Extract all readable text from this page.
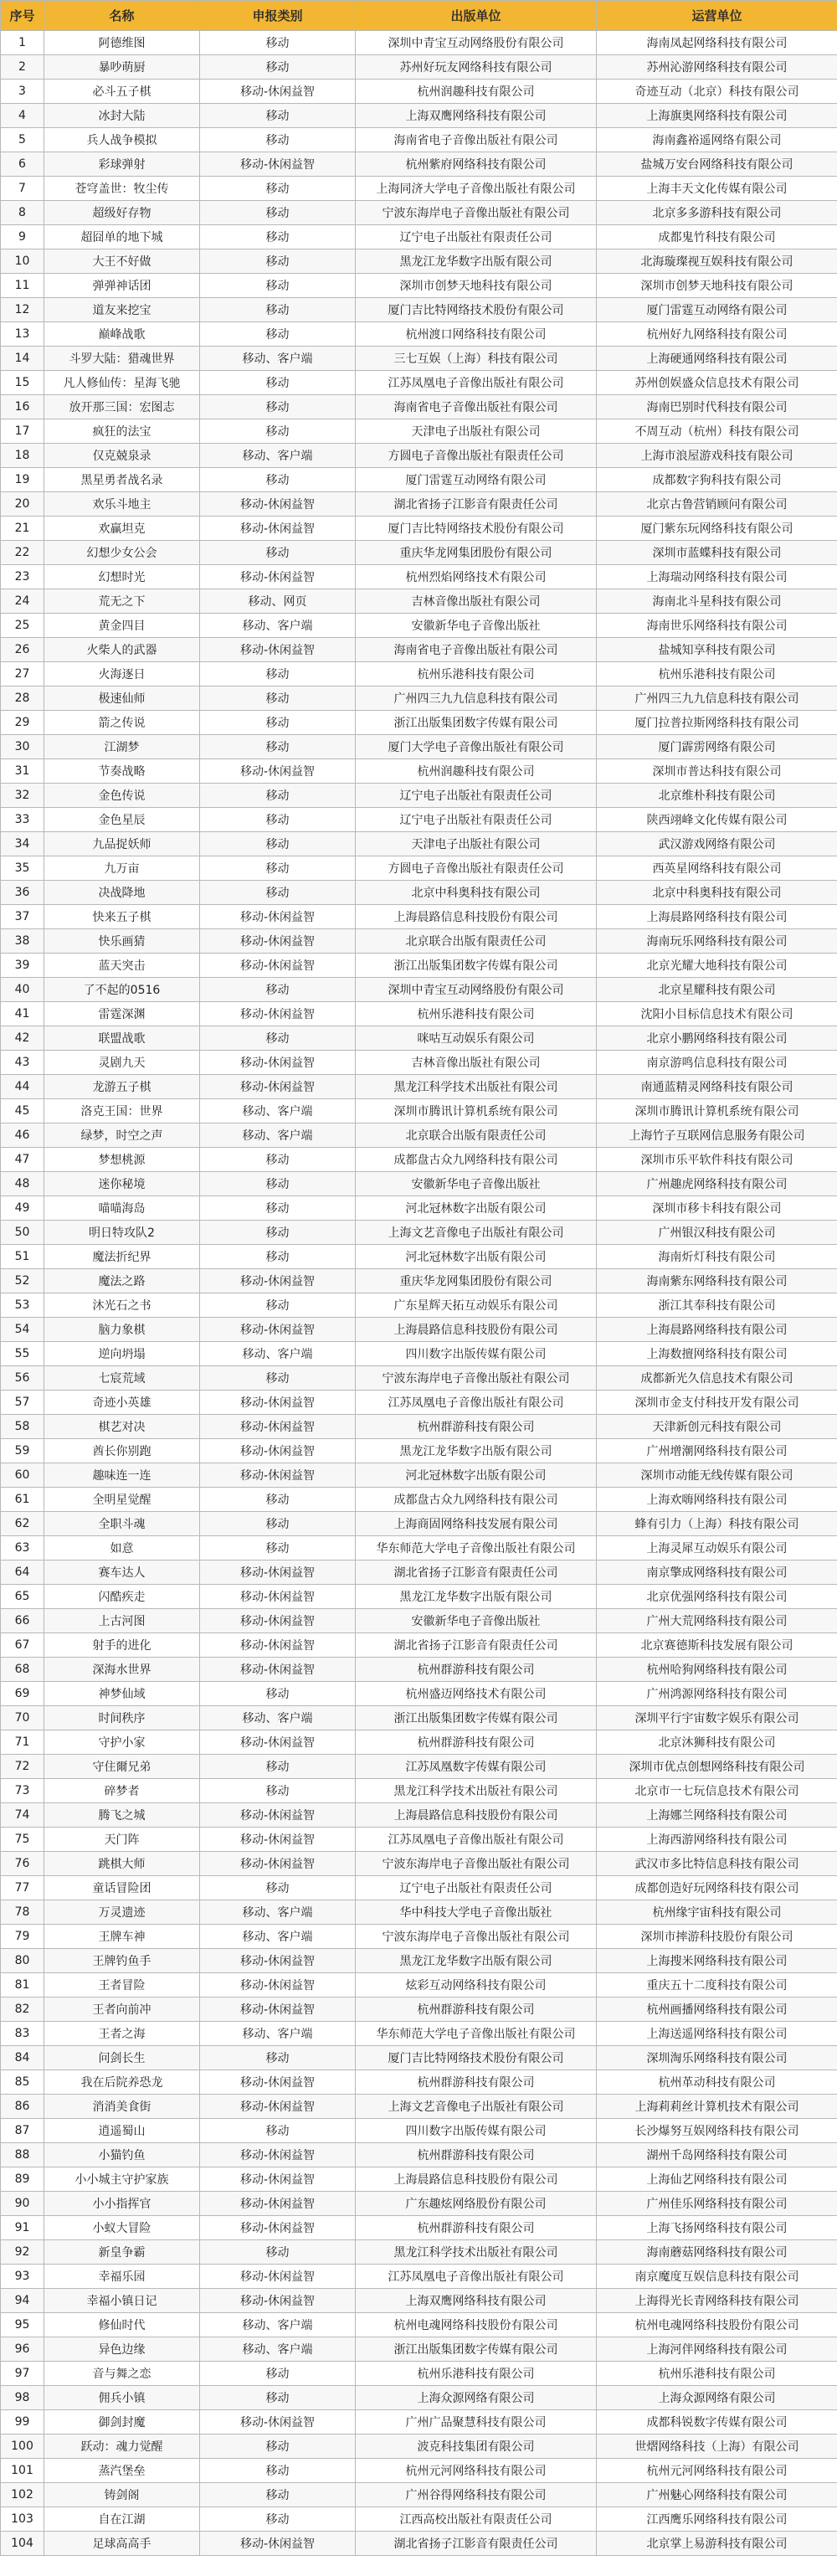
序号	名称	申报类别	出版单位	运营单位
1	阿德维图	移动	深圳中青宝互动网络股份有限公司	海南凤起网络科技有限公司
2	暴吵萌厨	移动	苏州好玩友网络科技有限公司	苏州沁游网络科技有限公司
3	必斗五子棋	移动-休闲益智	杭州润趣科技有限公司	奇迹互动（北京）科技有限公司
4	冰封大陆	移动	上海双鹰网络科技有限公司	上海旗奥网络科技有限公司
5	兵人战争模拟	移动	海南省电子音像出版社有限公司	海南鑫裕遥网络有限公司
6	彩球弹射	移动-休闲益智	杭州紫府网络科技有限公司	盐城万安台网络科技有限公司
7	苍穹盖世：牧尘传	移动	上海同济大学电子音像出版社有限公司	上海丰天文化传媒有限公司
8	超级好存物	移动	宁波东海岸电子音像出版社有限公司	北京多多游科技有限公司
9	超囧单的地下城	移动	辽宁电子出版社有限责任公司	成都鬼竹科技有限公司
10	大王不好做	移动	黑龙江龙华数字出版有限公司	北海璇璨视互娱科技有限公司
11	弹弹神话团	移动	深圳市创梦天地科技有限公司	深圳市创梦天地科技有限公司
12	道友来挖宝	移动	厦门吉比特网络技术股份有限公司	厦门雷霆互动网络有限公司
13	巅峰战歌	移动	杭州渡口网络科技有限公司	杭州好九网络科技有限公司
14	斗罗大陆：猎魂世界	移动、客户端	三七互娱（上海）科技有限公司	上海硬通网络科技有限公司
15	凡人修仙传：星海飞驰	移动	江苏凤凰电子音像出版社有限公司	苏州创娱盛众信息技术有限公司
16	放开那三国：宏图志	移动	海南省电子音像出版社有限公司	海南巴别时代科技有限公司
17	疯狂的法宝	移动	天津电子出版社有限公司	不周互动（杭州）科技有限公司
18	仅克兢泉录	移动、客户端	方圆电子音像出版社有限责任公司	上海市浪屋游戏科技有限公司
19	黑星勇者战名录	移动	厦门雷霆互动网络有限公司	成都数字狗科技有限公司
20	欢乐斗地主	移动-休闲益智	湖北省扬子江影音有限责任公司	北京古鲁营销顾问有限公司
21	欢赢坦克	移动-休闲益智	厦门吉比特网络技术股份有限公司	厦门紫东玩网络科技有限公司
22	幻想少女公会	移动	重庆华龙网集团股份有限公司	深圳市蓝蝶科技有限公司
23	幻想时光	移动-休闲益智	杭州烈焰网络技术有限公司	上海瑞动网络科技有限公司
24	荒无之下	移动、网页	吉林音像出版社有限公司	海南北斗星科技有限公司
25	黄金四目	移动、客户端	安徽新华电子音像出版社	海南世乐网络科技有限公司
26	火柴人的武器	移动-休闲益智	海南省电子音像出版社有限公司	盐城知享科技有限公司
27	火海逐日	移动	杭州乐港科技有限公司	杭州乐港科技有限公司
28	极速仙师	移动	广州四三九九信息科技有限公司	广州四三九九信息科技有限公司
29	箭之传说	移动	浙江出版集团数字传媒有限公司	厦门拉普拉斯网络科技有限公司
30	江湖梦	移动	厦门大学电子音像出版社有限公司	厦门霹雳网络有限公司
31	节奏战略	移动-休闲益智	杭州润趣科技有限公司	深圳市普达科技有限公司
32	金色传说	移动	辽宁电子出版社有限责任公司	北京维朴科技有限公司
33	金色星辰	移动	辽宁电子出版社有限责任公司	陕西翊峰文化传媒有限公司
34	九品捉妖师	移动	天津电子出版社有限公司	武汉游戏网络有限公司
35	九万亩	移动	方圆电子音像出版社有限责任公司	西英星网络科技有限公司
36	决战降地	移动	北京中科奥科技有限公司	北京中科奥科技有限公司
37	快来五子棋	移动-休闲益智	上海晨路信息科技股份有限公司	上海晨路网络科技有限公司
38	快乐画猜	移动-休闲益智	北京联合出版有限责任公司	海南玩乐网络科技有限公司
39	蓝天突击	移动-休闲益智	浙江出版集团数字传媒有限公司	北京光耀大地科技有限公司
40	了不起的0516	移动	深圳中青宝互动网络股份有限公司	北京星耀科技有限公司
41	雷霆深渊	移动-休闲益智	杭州乐港科技有限公司	沈阳小目标信息技术有限公司
42	联盟战歌	移动	咪咕互动娱乐有限公司	北京小鹏网络科技有限公司
43	灵剧九天	移动-休闲益智	吉林音像出版社有限公司	南京游鸣信息科技有限公司
44	龙游五子棋	移动-休闲益智	黑龙江科学技术出版社有限公司	南通蓝精灵网络科技有限公司
45	洛克王国：世界	移动、客户端	深圳市腾讯计算机系统有限公司	深圳市腾讯计算机系统有限公司
46	绿梦，时空之声	移动、客户端	北京联合出版有限责任公司	上海竹子互联网信息服务有限公司
47	梦想桃源	移动	成都盘古众九网络科技有限公司	深圳市乐平软件科技有限公司
48	迷你秘境	移动	安徽新华电子音像出版社	广州趣虎网络科技有限公司
49	喵喵海岛	移动	河北冠林数字出版有限公司	深圳市移卡科技有限公司
50	明日特攻队2	移动	上海文艺音像电子出版社有限公司	广州银汉科技有限公司
51	魔法折纪界	移动	河北冠林数字出版有限公司	海南炘灯科技有限公司
52	魔法之路	移动-休闲益智	重庆华龙网集团股份有限公司	海南紫东网络科技有限公司
53	沐光石之书	移动	广东星辉天拓互动娱乐有限公司	浙江其奉科技有限公司
54	脑力象棋	移动-休闲益智	上海晨路信息科技股份有限公司	上海晨路网络科技有限公司
55	逆向坍塌	移动、客户端	四川数字出版传媒有限公司	上海数擅网络科技有限公司
56	七宸荒域	移动	宁波东海岸电子音像出版社有限公司	成都新光久信息技术有限公司
57	奇迹小英雄	移动-休闲益智	江苏凤凰电子音像出版社有限公司	深圳市金支付科技开发有限公司
58	棋艺对决	移动-休闲益智	杭州群游科技有限公司	天津新创元科技有限公司
59	酋长你别跑	移动-休闲益智	黑龙江龙华数字出版有限公司	广州增潮网络科技有限公司
60	趣味连一连	移动-休闲益智	河北冠林数字出版有限公司	深圳市动能无线传媒有限公司
61	全明星觉醒	移动	成都盘古众九网络科技有限公司	上海欢嗨网络科技有限公司
62	全职斗魂	移动	上海商固网络科技发展有限公司	蜂有引力（上海）科技有限公司
63	如意	移动	华东师范大学电子音像出版社有限公司	上海灵犀互动娱乐有限公司
64	赛车达人	移动-休闲益智	湖北省扬子江影音有限责任公司	南京擎成网络科技有限公司
65	闪酷疾走	移动-休闲益智	黑龙江龙华数字出版有限公司	北京优强网络科技有限公司
66	上古河图	移动-休闲益智	安徽新华电子音像出版社	广州大荒网络科技有限公司
67	射手的进化	移动-休闲益智	湖北省扬子江影音有限责任公司	北京赛德斯科技发展有限公司
68	深海水世界	移动-休闲益智	杭州群游科技有限公司	杭州哈狗网络科技有限公司
69	神梦仙域	移动	杭州盛迈网络技术有限公司	广州鸿源网络科技有限公司
70	时间秩序	移动、客户端	浙江出版集团数字传媒有限公司	深圳平行宇宙数字娱乐有限公司
71	守护小家	移动-休闲益智	杭州群游科技有限公司	北京沐狮科技有限公司
72	守住爾兄弟	移动	江苏凤凰数字传媒有限公司	深圳市优点创想网络科技有限公司
73	碎梦者	移动	黑龙江科学技术出版社有限公司	北京市一七玩信息技术有限公司
74	腾飞之城	移动-休闲益智	上海晨路信息科技股份有限公司	上海娜兰网络科技有限公司
75	天门阵	移动-休闲益智	江苏凤凰电子音像出版社有限公司	上海西游网络科技有限公司
76	跳棋大师	移动-休闲益智	宁波东海岸电子音像出版社有限公司	武汉市多比特信息科技有限公司
77	童话冒险团	移动	辽宁电子出版社有限责任公司	成都创造好玩网络科技有限公司
78	万灵遗迹	移动、客户端	华中科技大学电子音像出版社	杭州缘宇宙科技有限公司
79	王牌车神	移动、客户端	宁波东海岸电子音像出版社有限公司	深圳市摔游科技股份有限公司
80	王牌钓鱼手	移动-休闲益智	黑龙江龙华数字出版有限公司	上海搜米网络科技有限公司
81	王者冒险	移动-休闲益智	炫彩互动网络科技有限公司	重庆五十二度科技有限公司
82	王者向前冲	移动-休闲益智	杭州群游科技有限公司	杭州画播网络科技有限公司
83	王者之海	移动、客户端	华东师范大学电子音像出版社有限公司	上海送遥网络科技有限公司
84	问剑长生	移动	厦门吉比特网络技术股份有限公司	深圳淘乐网络科技有限公司
85	我在后院养恐龙	移动-休闲益智	杭州群游科技有限公司	杭州革动科技有限公司
86	消消美食街	移动-休闲益智	上海文艺音像电子出版社有限公司	上海莉莉丝计算机技术有限公司
87	逍遥蜀山	移动	四川数字出版传媒有限公司	长沙爆努互娱网络科技有限公司
88	小猫钓鱼	移动-休闲益智	杭州群游科技有限公司	湖州千岛网络科技有限公司
89	小小城主守护家族	移动-休闲益智	上海晨路信息科技股份有限公司	上海仙艺网络科技有限公司
90	小小指挥官	移动-休闲益智	广东趣炫网络股份有限公司	广州佳乐网络科技有限公司
91	小蚁大冒险	移动-休闲益智	杭州群游科技有限公司	上海飞扬网络科技有限公司
92	新皇争霸	移动	黑龙江科学技术出版社有限公司	海南蘑菇网络科技有限公司
93	幸福乐园	移动-休闲益智	江苏凤凰电子音像出版社有限公司	南京魔度互娱信息科技有限公司
94	幸福小镇日记	移动-休闲益智	上海双鹰网络科技有限公司	上海得光长青网络科技有限公司
95	修仙时代	移动、客户端	杭州电魂网络科技股份有限公司	杭州电魂网络科技股份有限公司
96	异色边缘	移动、客户端	浙江出版集团数字传媒有限公司	上海河伴网络科技有限公司
97	音与舞之恋	移动	杭州乐港科技有限公司	杭州乐港科技有限公司
98	佣兵小镇	移动	上海众源网络有限公司	上海众源网络有限公司
99	御剑封魔	移动-休闲益智	广州广品聚慧科技有限公司	成都科锐数字传媒有限公司
100	跃动：魂力觉醒	移动	波克科技集团有限公司	世熠网络科技（上海）有限公司
101	蒸汽堡垒	移动	杭州元河网络科技有限公司	杭州元河网络科技有限公司
102	铸剑阁	移动	广州谷得网络科技有限公司	广州魅心网络科技有限公司
103	自在江湖	移动	江西高校出版社有限责任公司	江西鹰乐网络科技有限公司
104	足球高高手	移动-休闲益智	湖北省扬子江影音有限责任公司	北京掌上易游科技有限公司
